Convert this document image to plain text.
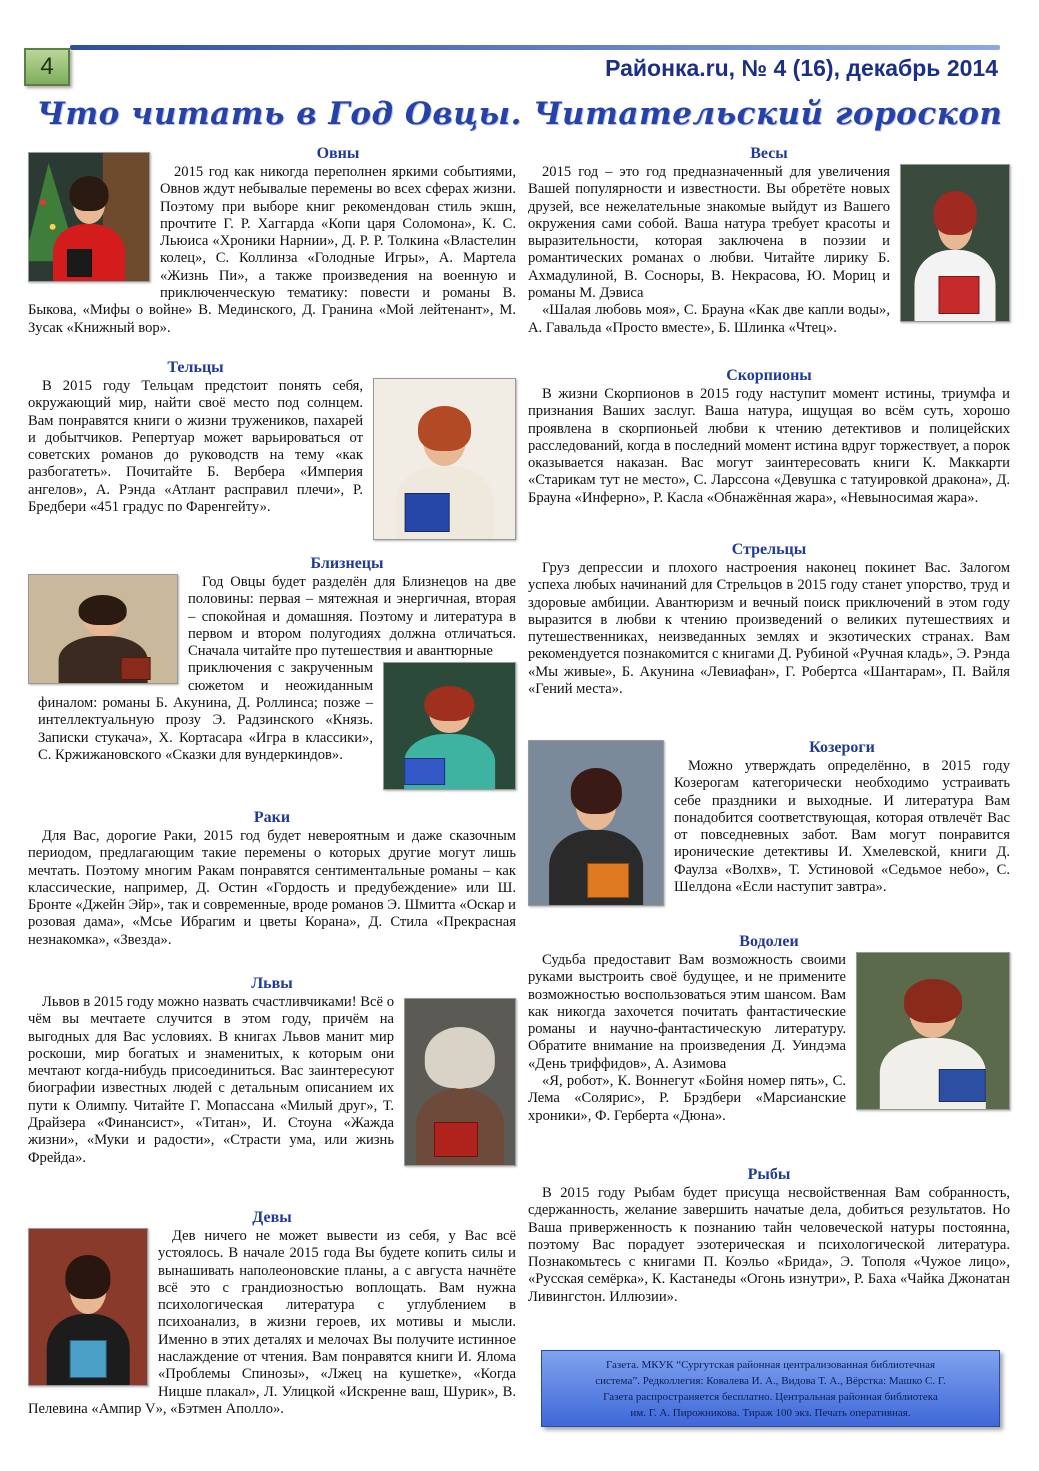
4	Районка.ru, № 4 (16), декабрь 2014
Что читать в Год Овцы. Читательский гороскоп
Овны

2015 год как никогда переполнен яркими событиями, Овнов ждут небывалые перемены во всех сферах жизни. Поэтому при выборе книг рекомендован стиль экшн, прочтите Г. Р. Хаггарда «Копи царя Соломона», К. С. Льюиса «Хроники Нарнии», Д. Р. Р. Толкина «Властелин колец», С. Коллинза «Голодные Игры», А. Мартела «Жизнь Пи», а также произведения на военную и приключенческую тематику: повести и романы В. Быкова, «Мифы о войне» В. Мединского, Д. Гранина «Мой лейтенант», М. Зусак «Книжный вор».

Тельцы

В 2015 году Тельцам предстоит понять себя, окружающий мир, найти своё место под солнцем. Вам понравятся книги о жизни тружеников, пахарей и добытчиков. Репертуар может варьироваться от советских романов до руководств на тему «как разбогатеть». Почитайте Б. Вербера «Империя ангелов», А. Рэнда «Атлант расправил плечи», Р. Бредбери «451 градус по Фаренгейту».

Близнецы

Год Овцы будет разделён для Близнецов на две половины: первая – мятежная и энергичная, вторая – спокойная и домашняя. Поэтому и литература в первом и втором полугодиях должна отличаться. Сначала читайте про путешествия и авантюрные

приключения с закрученным сюжетом и неожиданным финалом: романы Б. Акунина, Д. Роллинса; позже – интеллектуальную прозу Э. Радзинского «Князь. Записки стукача», Х. Кортасара «Игра в классики», С. Кржижановского «Сказки для вундеркиндов».

Раки

Для Вас, дорогие Раки, 2015 год будет невероятным и даже сказочным периодом, предлагающим такие перемены о которых другие могут лишь мечтать. Поэтому многим Ракам понравятся сентиментальные романы – как классические, например, Д. Остин «Гордость и предубеждение» или Ш. Бронте «Джейн Эйр», так и современные, вроде романов Э. Шмитта «Оскар и розовая дама», «Мсье Ибрагим и цветы Корана», Д. Стила «Прекрасная незнакомка», «Звезда».

Львы

Львов в 2015 году можно назвать счастливчиками! Всё о чём вы мечтаете случится в этом году, причём на выгодных для Вас условиях. В книгах Львов манит мир роскоши, мир богатых и знаменитых, к которым они мечтают когда-нибудь присоединиться. Вас заинтересуют биографии известных людей с детальным описанием их пути к Олимпу. Читайте Г. Мопассана «Милый друг», Т. Драйзера «Финансист», «Титан», И. Стоуна «Жажда жизни», «Муки и радости», «Страсти ума, или жизнь Фрейда».

Девы

Дев ничего не может вывести из себя, у Вас всё устоялось. В начале 2015 года Вы будете копить силы и вынашивать наполеоновские планы, а с августа начнёте всё это с грандиозностью воплощать. Вам нужна психологическая литература с углублением в психоанализ, в жизни героев, их мотивы и мысли. Именно в этих деталях и мелочах Вы получите истинное наслаждение от чтения. Вам понравятся книги И. Ялома «Проблемы Спинозы», «Лжец на кушетке», «Когда Ницше плакал», Л. Улицкой «Искренне ваш, Шурик», В. Пелевина «Ампир V», «Бэтмен Аполло».

Весы

2015 год – это год предназначенный для увеличения Вашей популярности и известности. Вы обретёте новых друзей, все нежелательные знакомые выйдут из Вашего окружения сами собой. Ваша натура требует красоты и выразительности, которая заключена в поэзии и романтических романах о любви. Читайте лирику Б. Ахмадулиной, В. Сосноры, В. Некрасова, Ю. Мориц и романы М. Дэвиса

«Шалая любовь моя», С. Брауна «Как две капли воды», А. Гавальда «Просто вместе», Б. Шлинка «Чтец».

Скорпионы

В жизни Скорпионов в 2015 году наступит момент истины, триумфа и признания Ваших заслуг. Ваша натура, ищущая во всём суть, хорошо проявлена в скорпионьей любви к чтению детективов и полицейских расследований, когда в последний момент истина вдруг торжествует, а порок оказывается наказан. Вас могут заинтересовать книги К. Маккарти «Старикам тут не место», С. Ларссона «Девушка с татуировкой дракона», Д. Брауна «Инферно», Р. Касла «Обнажённая жара», «Невыносимая жара».

Стрельцы

Груз депрессии и плохого настроения наконец покинет Вас. Залогом успеха любых начинаний для Стрельцов в 2015 году станет упорство, труд и здоровые амбиции. Авантюризм и вечный поиск приключений в этом году выразится в любви к чтению произведений о великих путешествиях и путешественниках, неизведанных землях и экзотических странах. Вам рекомендуется познакомится с книгами Д. Рубиной «Ручная кладь», Э. Рэнда «Мы живые», Б. Акунина «Левиафан», Г. Робертса «Шантарам», П. Вайля «Гений места».

Козероги

Можно утверждать определённо, в 2015 году Козерогам категорически необходимо устраивать себе праздники и выходные. И литература Вам понадобится соответствующая, которая отвлечёт Вас от повседневных забот. Вам могут понравится иронические детективы И. Хмелевской, книги Д. Фаулза «Волхв», Т. Устиновой «Седьмое небо», С. Шелдона «Если наступит завтра».

Водолеи

Судьба предоставит Вам возможность своими руками выстроить своё будущее, и не примените возможностью воспользоваться этим шансом. Вам как никогда захочется почитать фантастические романы и научно-фантастическую литературу. Обратите внимание на произведения Д. Уиндэма «День триффидов», А. Азимова

«Я, робот», К. Воннегут «Бойня номер пять», С. Лема «Солярис», Р. Брэдбери «Марсианские хроники», Ф. Герберта «Дюна».

Рыбы

В 2015 году Рыбам будет присуща несвойственная Вам собранность, сдержанность, желание завершить начатые дела, добиться результатов. Но Ваша приверженность к познанию тайн человеческой натуры постоянна, поэтому Вас порадует эзотерическая и психологической литература. Познакомьтесь с книгами П. Коэльо «Брида», Э. Тополя «Чужое лицо», «Русская семёрка», К. Кастанеды «Огонь изнутри», Р. Баха «Чайка Джонатан Ливингстон. Иллюзии».

Газета. МКУК “Сургутская районная централизованная библиотечная
система”. Редколлегия: Ковалева И. А., Видова Т. А., Вёрстка: Машко С. Г.
Газета распространяется бесплатно. Центральная районная библиотека
им. Г. А. Пирожникова. Тираж 100 экз. Печать оперативная.
